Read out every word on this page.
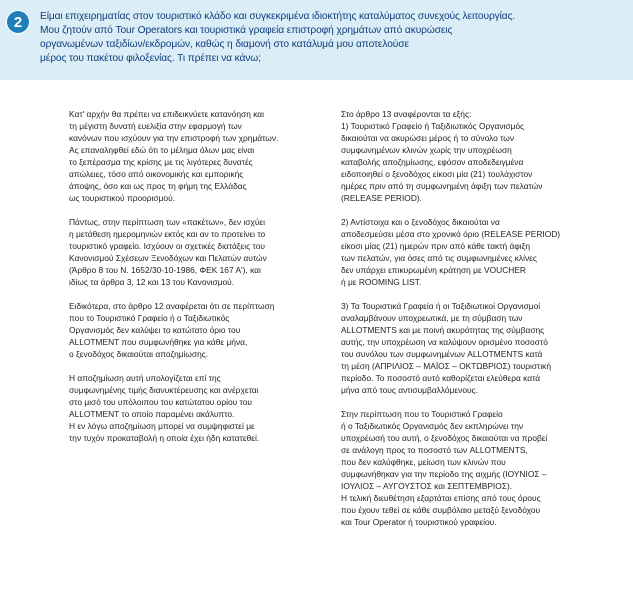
2	Είμαι επιχειρηματίας στον τουριστικό κλάδο και συγκεκριμένα ιδιοκτήτης καταλύματος συνεχούς λειτουργίας.
Μου ζητούν από Tour Operators και τουριστικά γραφεία επιστροφή χρημάτων από ακυρώσεις
οργανωμένων ταξιδίων/εκδρομών, καθώς η διαμονή στο κατάλυμά μου αποτελούσε
μέρος του πακέτου φιλοξενίας. Τι πρέπει να κάνω;
Κατ' αρχήν θα πρέπει να επιδεικνύετε κατανόηση και
τη μέγιστη δυνατή ευελιξία στην εφαρμογή των
κανόνων που ισχύουν για την επιστροφή των χρημάτων.
Ας επαναληφθεί εδώ ότι το μέλημα όλων μας είναι
το ξεπέρασμα της κρίσης με τις λιγότερες δυνατές
απώλειες, τόσο από οικονομικής και εμπορικής
άποψης, όσο και ως προς τη φήμη της Ελλάδας
ως τουριστικού προορισμού.
Πάντως, στην περίπτωση των «πακέτων», δεν ισχύει
η μετάθεση ημερομηνιών εκτός και αν το προτείνει το
τουριστικό γραφείο. Ισχύουν οι σχετικές διατάξεις του
Κανονισμού Σχέσεων Ξενοδόχων και Πελατών αυτών
(Άρθρο 8 του Ν. 1652/30-10-1986, ΦΕΚ 167 Α'), και
ιδίως τα άρθρα 3, 12 και 13 του Κανονισμού.
Ειδικότερα, στο άρθρο 12 αναφέρεται ότι σε περίπτωση
που το Τουριστικό Γραφείο ή ο Ταξιδιωτικός
Οργανισμός δεν καλύψει το κατώτατο όριο του
ALLOTMENT που συμφωνήθηκε για κάθε μήνα,
ο ξενοδόχος δικαιούται αποζημίωσης.
Η αποζημίωση αυτή υπολογίζεται επί της
συμφωνημένης τιμής διανυκτέρευσης και ανέρχεται
στο μισό του υπόλοιπου του κατώτατου ορίου του
ALLOTMENT το οποίο παραμένει ακάλυπτο.
Η εν λόγω αποζημίωση μπορεί να συμψηφιστεί με
την τυχόν προκαταβολή η οποία έχει ήδη κατατεθεί.
Στο άρθρο 13 αναφέρονται τα εξής:
1) Τουριστικό Γραφείο ή Ταξιδιωτικός Οργανισμός
δικαιούται να ακυρώσει μέρος ή το σύνολο των
συμφωνημένων κλινών χωρίς την υποχρέωση
καταβολής αποζημίωσης, εφόσον αποδεδειγμένα
ειδοποιηθεί ο ξενοδόχος είκοσι μία (21) τουλάχιστον
ημέρες πριν από τη συμφωνημένη άφιξη των πελατών
(RELEASE PERIOD).
2) Αντίστοιχα και ο ξενοδόχος δικαιούται να
αποδεσμεύσει μέσα στο χρονικό όριο (RELEASE PERIOD)
είκοσι μίας (21) ημερών πριν από κάθε τακτή άφιξη
των πελατών, για όσες από τις συμφωνημένες κλίνες
δεν υπάρχει επικυρωμένη κράτηση με VOUCHER
ή με ROOMING LIST.
3) Τα Τουριστικά Γραφεία ή οι Ταξιδιωτικοί Οργανισμοί
αναλαμβάνουν υποχρεωτικά, με τη σύμβαση των
ALLOTMENTS και με ποινή ακυρότητας της σύμβασης
αυτής, την υποχρέωση να καλύψουν ορισμένο ποσοστό
του συνόλου των συμφωνημένων ALLOTMENTS κατά
τη μέση (ΑΠΡΙΛΙΟΣ – ΜΑΪΟΣ – ΟΚΤΩΒΡΙΟΣ) τουριστική
περίοδο. Το ποσοστό αυτό καθορίζεται ελεύθερα κατά
μήνα από τους αντισυμβαλλόμενους.
Στην περίπτωση που το Τουριστικό Γραφείο
ή ο Ταξιδιωτικός Οργανισμός δεν εκπληρώνει την
υποχρέωσή του αυτή, ο ξενοδόχος δικαιούται να προβεί
σε ανάλογη προς το ποσοστό των ALLOTMENTS,
που δεν καλύφθηκε, μείωση των κλινών που
συμφωνήθηκαν για την περίοδο της αιχμής (ΙΟΥΝΙΟΣ –
ΙΟΥΛΙΟΣ – ΑΥΓΟΥΣΤΟΣ και ΣΕΠΤΕΜΒΡΙΟΣ).
Η τελική διευθέτηση εξαρτάται επίσης από τους όρους
που έχουν τεθεί σε κάθε συμβόλαιο μεταξύ ξενοδόχου
και Tour Operator ή τουριστικού γραφείου.
